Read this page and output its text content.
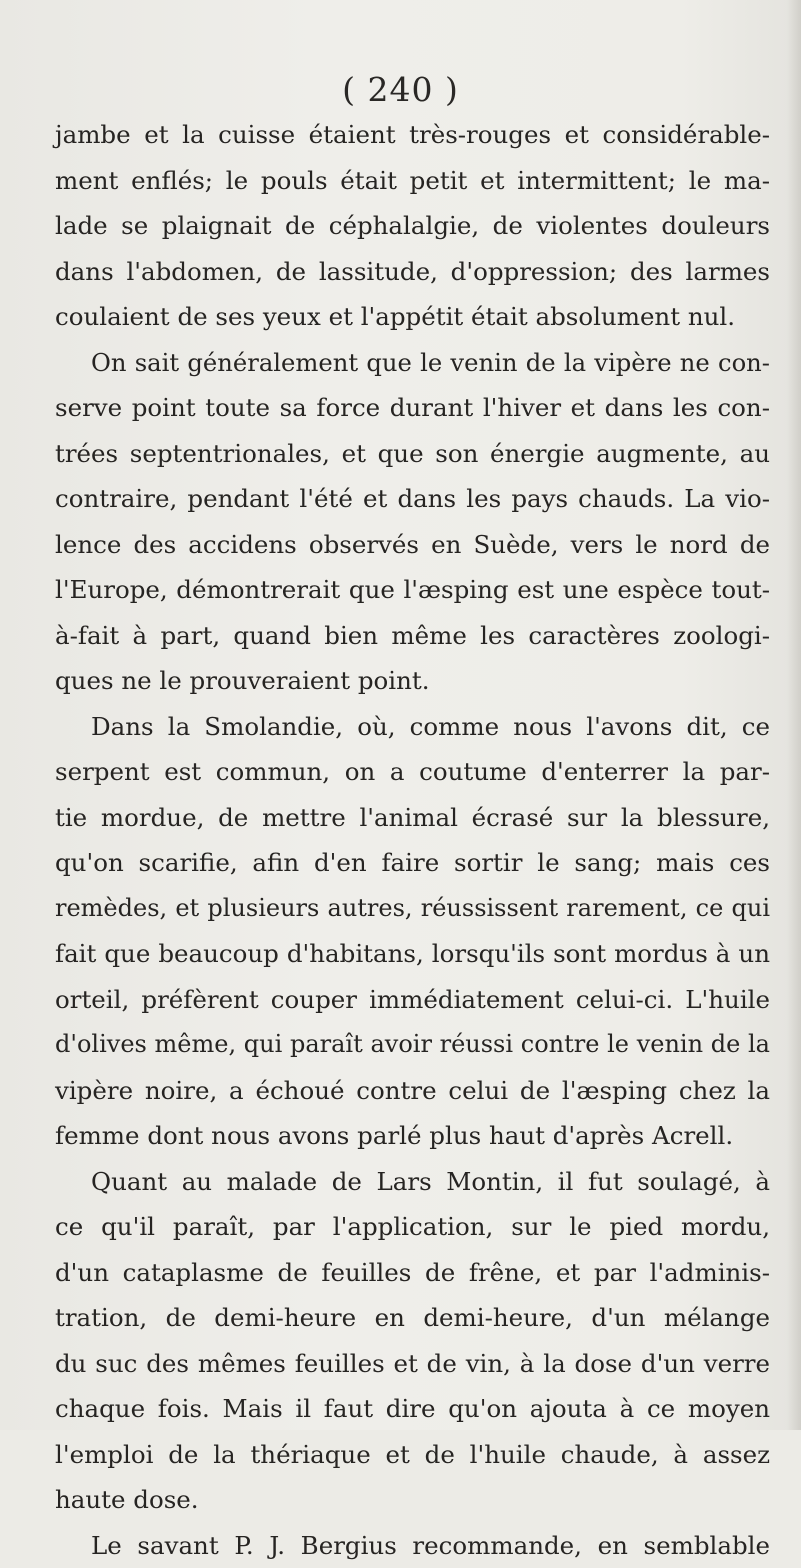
( 240 )
jambe et la cuisse étaient très-rouges et considérable-
ment enflés; le pouls était petit et intermittent; le ma-
lade se plaignait de céphalalgie, de violentes douleurs
dans l'abdomen, de lassitude, d'oppression; des larmes
coulaient de ses yeux et l'appétit était absolument nul.
On sait généralement que le venin de la vipère ne con-
serve point toute sa force durant l'hiver et dans les con-
trées septentrionales, et que son énergie augmente, au
contraire, pendant l'été et dans les pays chauds. La vio-
lence des accidens observés en Suède, vers le nord de
l'Europe, démontrerait que l'æsping est une espèce tout-
à-fait à part, quand bien même les caractères zoologi-
ques ne le prouveraient point.
Dans la Smolandie, où, comme nous l'avons dit, ce
serpent est commun, on a coutume d'enterrer la par-
tie mordue, de mettre l'animal écrasé sur la blessure,
qu'on scarifie, afin d'en faire sortir le sang; mais ces
remèdes, et plusieurs autres, réussissent rarement, ce qui
fait que beaucoup d'habitans, lorsqu'ils sont mordus à un
orteil, préfèrent couper immédiatement celui-ci. L'huile
d'olives même, qui paraît avoir réussi contre le venin de la
vipère noire, a échoué contre celui de l'æsping chez la
femme dont nous avons parlé plus haut d'après Acrell.
Quant au malade de Lars Montin, il fut soulagé, à
ce qu'il paraît, par l'application, sur le pied mordu,
d'un cataplasme de feuilles de frêne, et par l'adminis-
tration, de demi-heure en demi-heure, d'un mélange
du suc des mêmes feuilles et de vin, à la dose d'un verre
chaque fois. Mais il faut dire qu'on ajouta à ce moyen
l'emploi de la thériaque et de l'huile chaude, à assez
haute dose.
Le savant P. J. Bergius recommande, en semblable
